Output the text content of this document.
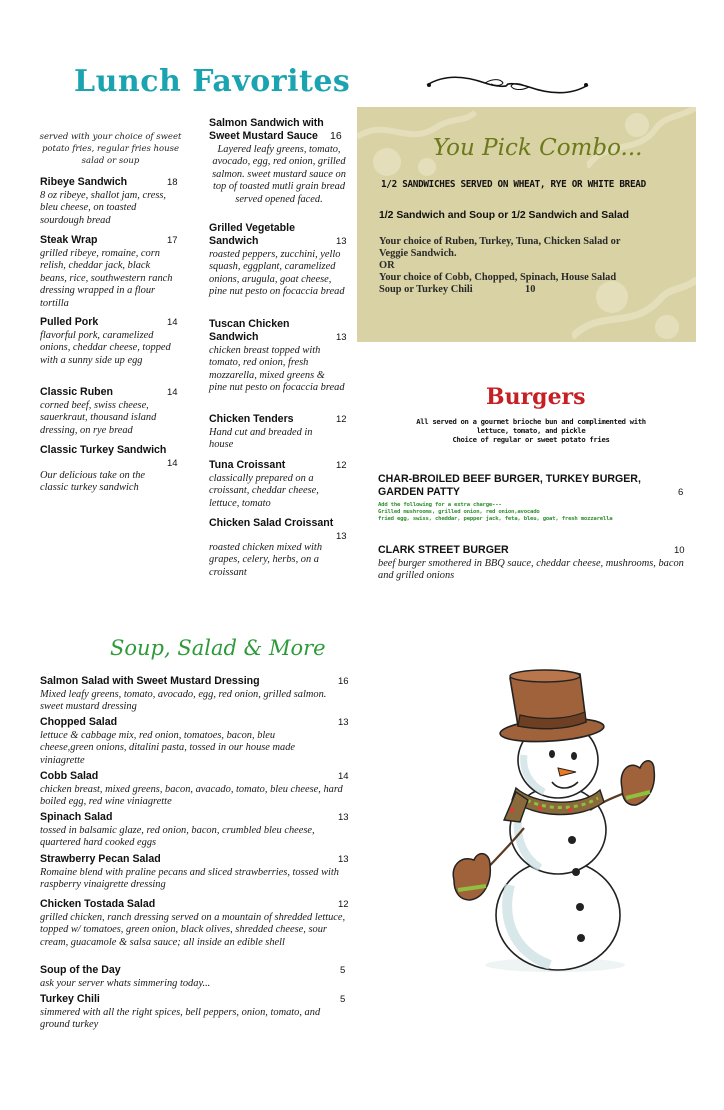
Lunch Favorites
served with your choice of sweet potato fries, regular fries house salad or soup
Ribeye Sandwich	18
8 oz ribeye, shallot jam, cress, bleu cheese, on toasted sourdough bread
Steak Wrap	17
grilled ribeye, romaine, corn relish, cheddar jack, black beans, rice, southwestern ranch dressing wrapped in a flour tortilla
Pulled Pork	14
flavorful pork, caramelized onions, cheddar cheese, topped with a sunny side up egg
Classic Ruben	14
corned beef, swiss cheese, sauerkraut, thousand island dressing, on rye bread
Classic Turkey Sandwich
14
Our delicious take on the classic turkey sandwich
Salmon Sandwich with Sweet Mustard Sauce	16
Layered leafy greens, tomato, avocado, egg, red onion, grilled salmon. sweet mustard sauce on top of toasted mutli grain bread served opened faced.
Grilled Vegetable Sandwich	13
roasted peppers, zucchini, yello squash, eggplant, caramelized onions, arugula, goat cheese, pine nut pesto on focaccia bread
Tuscan Chicken Sandwich	13
chicken breast topped with tomato, red onion, fresh mozzarella, mixed greens & pine nut pesto on focaccia bread
Chicken Tenders	12
Hand cut and breaded in house
Tuna Croissant	12
classically prepared on a croissant, cheddar cheese, lettuce, tomato
Chicken Salad Croissant
13
roasted chicken mixed with grapes, celery, herbs, on a croissant
You Pick Combo...
1/2 SANDWICHES SERVED ON WHEAT, RYE OR WHITE BREAD
1/2 Sandwich and Soup or 1/2 Sandwich and Salad
Your choice of Ruben, Turkey, Tuna, Chicken Salad or
Veggie Sandwich.
OR
Your choice of Cobb, Chopped, Spinach, House Salad
Soup or Turkey Chili	10
Burgers
All served on a gourmet brioche bun and complimented with
lettuce, tomato, and pickle
Choice of regular or sweet potato fries
CHAR-BROILED BEEF BURGER, TURKEY BURGER, GARDEN PATTY	6
Add the following for a extra charge---
Grilled mushrooms, grilled onion, red onion,avocado
fried egg, swiss, cheddar, pepper jack, feta, bleu, goat, fresh mozzarella
CLARK STREET BURGER	10
beef burger smothered in BBQ sauce, cheddar cheese, mushrooms, bacon and grilled onions
Soup, Salad & More
Salmon Salad with Sweet Mustard Dressing	16
Mixed leafy greens, tomato, avocado, egg, red onion, grilled salmon. sweet mustard dressing
Chopped Salad	13
lettuce & cabbage mix, red onion, tomatoes, bacon, bleu cheese,green onions, ditalini pasta, tossed in our house made viniagrette
Cobb Salad	14
chicken breast, mixed greens, bacon, avacado, tomato, bleu cheese, hard boiled egg, red wine viniagrette
Spinach Salad	13
tossed in balsamic glaze, red onion, bacon, crumbled bleu cheese, quartered hard cooked eggs
Strawberry Pecan Salad	13
Romaine blend with praline pecans and sliced strawberries, tossed with raspberry vinaigrette dressing
Chicken Tostada Salad	12
grilled chicken, ranch dressing served on a mountain of shredded lettuce, topped w/ tomatoes, green onion, black olives, shredded cheese, sour cream, guacamole & salsa sauce; all inside an edible shell
Soup of the Day	5
ask your server whats simmering today...
Turkey Chili	5
simmered with all the right spices, bell peppers, onion, tomato, and ground turkey
